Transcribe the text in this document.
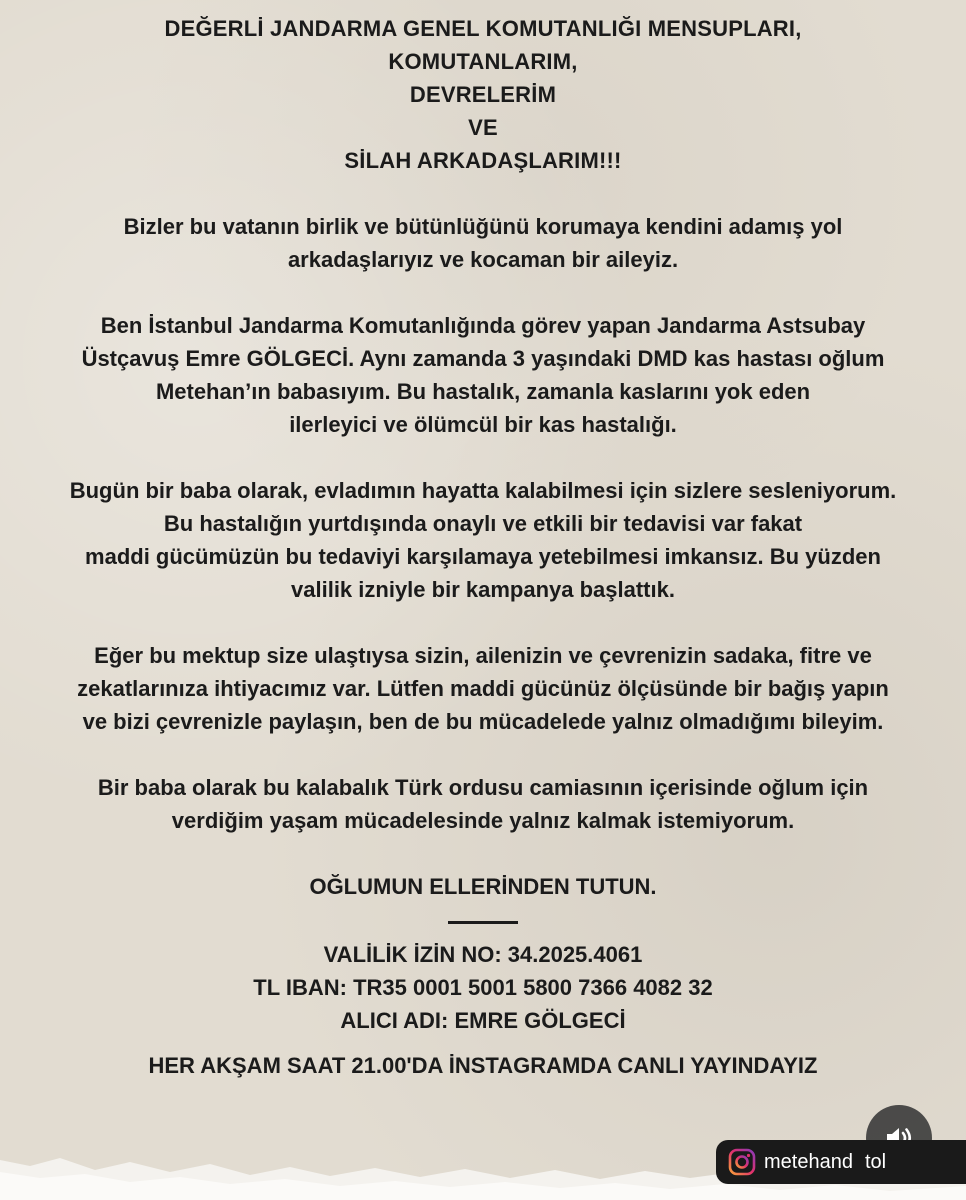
DEĞERLİ JANDARMA GENEL KOMUTANLIĞI MENSUPLARI,
KOMUTANLARIM,
DEVRELERİM
VE
SİLAH ARKADAŞLARIM!!!
Bizler bu vatanın birlik ve bütünlüğünü korumaya kendini adamış yol
arkadaşlarıyız ve kocaman bir aileyiz.
Ben İstanbul Jandarma Komutanlığında görev yapan Jandarma Astsubay
Üstçavuş Emre GÖLGECİ. Aynı zamanda 3 yaşındaki DMD kas hastası oğlum
Metehan’ın babasıyım. Bu hastalık, zamanla kaslarını yok eden
ilerleyici ve ölümcül bir kas hastalığı.
Bugün bir baba olarak, evladımın hayatta kalabilmesi için sizlere sesleniyorum.
Bu hastalığın yurtdışında onaylı ve etkili bir tedavisi var fakat
maddi gücümüzün bu tedaviyi karşılamaya yetebilmesi imkansız. Bu yüzden
valilik izniyle bir kampanya başlattık.
Eğer bu mektup size ulaştıysa sizin, ailenizin ve çevrenizin sadaka, fitre ve
zekatlarınıza ihtiyacımız var. Lütfen maddi gücünüz ölçüsünde bir bağış yapın
ve bizi çevrenizle paylaşın, ben de bu mücadelede yalnız olmadığımı bileyim.
Bir baba olarak bu kalabalık Türk ordusu camiasının içerisinde oğlum için
verdiğim yaşam mücadelesinde yalnız kalmak istemiyorum.
OĞLUMUN ELLERİNDEN TUTUN.
VALİLİK İZİN NO: 34.2025.4061
TL IBAN: TR35 0001 5001 5800 7366 4082 32
ALICI ADI: EMRE GÖLGECİ
HER AKŞAM SAAT 21.00'DA İNSTAGRAMDA CANLI YAYINDAYIZ
metehand   tol
